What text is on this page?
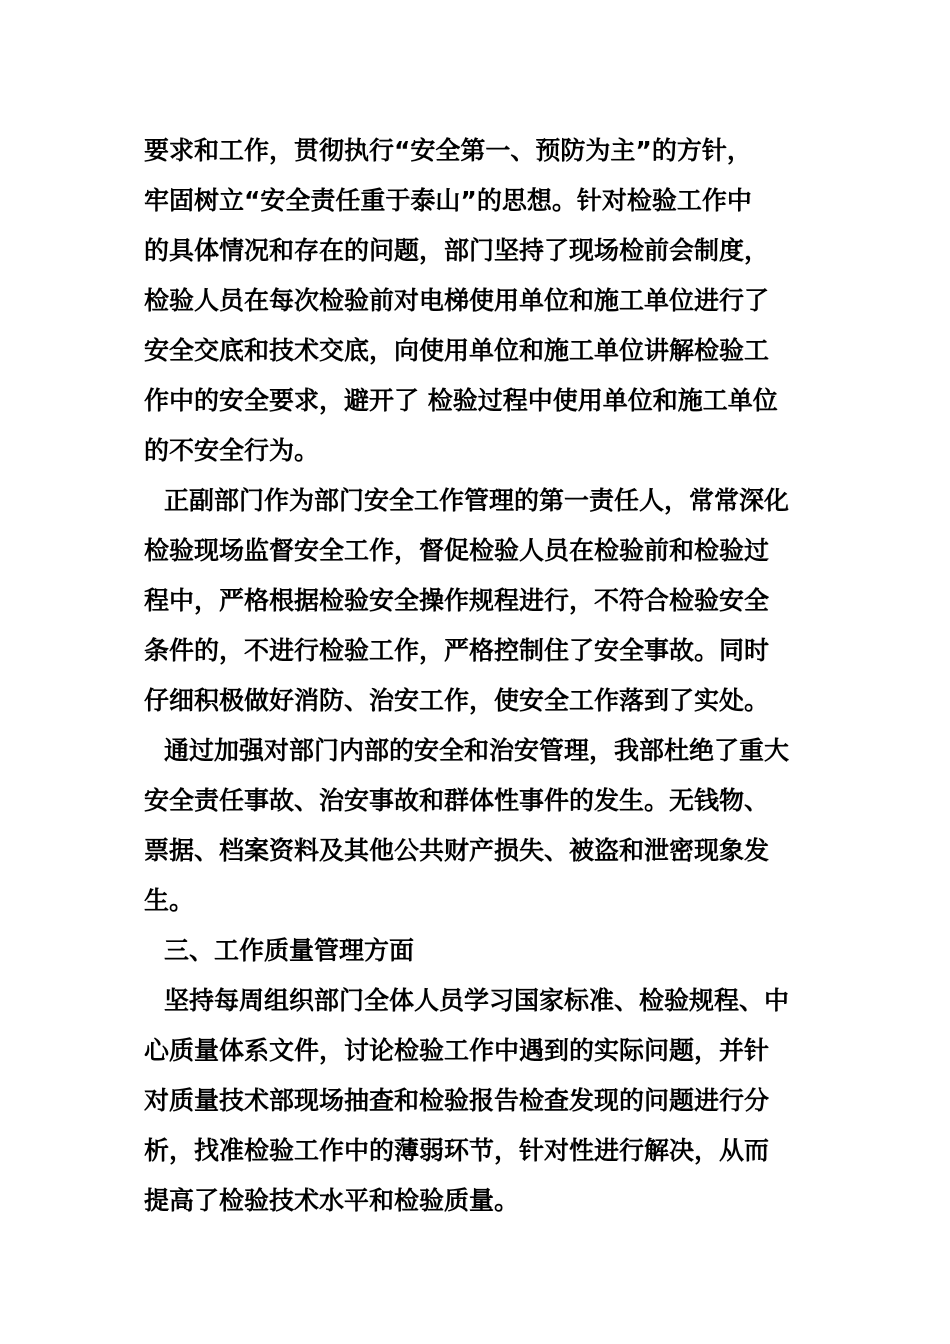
要求和工作，贯彻执行“安全第一、预防为主”的方针，
牢固树立“安全责任重于泰山”的思想。针对检验工作中
的具体情况和存在的问题，部门坚持了现场检前会制度，
检验人员在每次检验前对电梯使用单位和施工单位进行了
安全交底和技术交底，向使用单位和施工单位讲解检验工
作中的安全要求，避开了 检验过程中使用单位和施工单位
的不安全行为。
正副部门作为部门安全工作管理的第一责任人，常常深化
检验现场监督安全工作，督促检验人员在检验前和检验过
程中，严格根据检验安全操作规程进行，不符合检验安全
条件的，不进行检验工作，严格控制住了安全事故。同时
仔细积极做好消防、治安工作，使安全工作落到了实处。
通过加强对部门内部的安全和治安管理，我部杜绝了重大
安全责任事故、治安事故和群体性事件的发生。无钱物、
票据、档案资料及其他公共财产损失、被盗和泄密现象发
生。
三、工作质量管理方面
坚持每周组织部门全体人员学习国家标准、检验规程、中
心质量体系文件，讨论检验工作中遇到的实际问题，并针
对质量技术部现场抽查和检验报告检查发现的问题进行分
析，找准检验工作中的薄弱环节，针对性进行解决，从而
提高了检验技术水平和检验质量。
